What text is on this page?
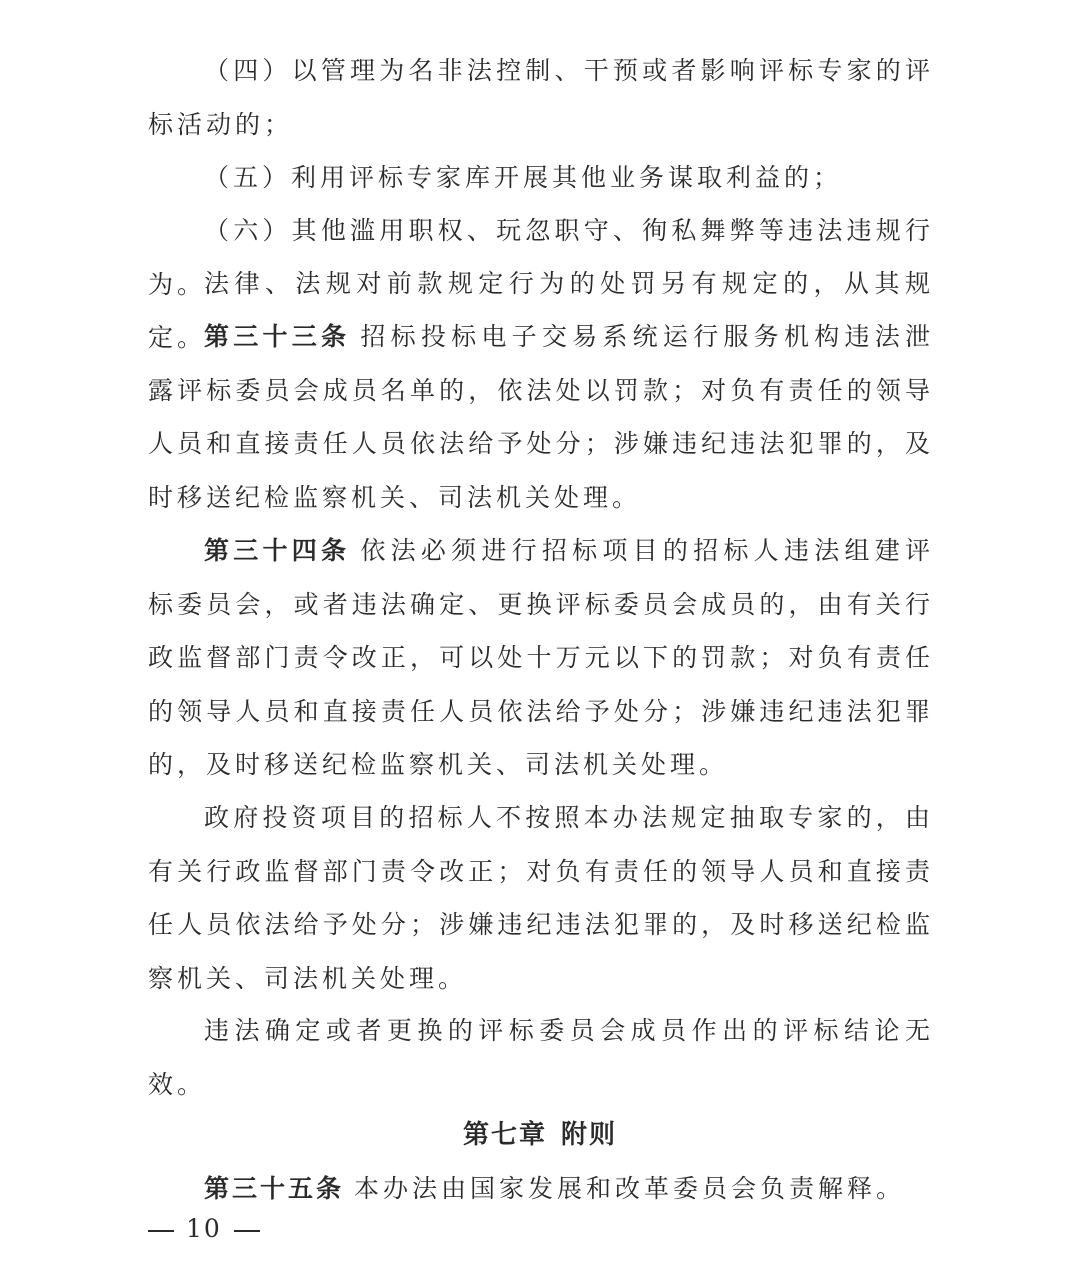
（四）以管理为名非法控制、干预或者影响评标专家的评标活动的；

（五）利用评标专家库开展其他业务谋取利益的；

（六）其他滥用职权、玩忽职守、徇私舞弊等违法违规行为。

法律、法规对前款规定行为的处罚另有规定的，从其规定。

第三十三条 招标投标电子交易系统运行服务机构违法泄露评标委员会成员名单的，依法处以罚款；对负有责任的领导人员和直接责任人员依法给予处分；涉嫌违纪违法犯罪的，及时移送纪检监察机关、司法机关处理。

第三十四条 依法必须进行招标项目的招标人违法组建评标委员会，或者违法确定、更换评标委员会成员的，由有关行政监督部门责令改正，可以处十万元以下的罚款；对负有责任的领导人员和直接责任人员依法给予处分；涉嫌违纪违法犯罪的，及时移送纪检监察机关、司法机关处理。

政府投资项目的招标人不按照本办法规定抽取专家的，由有关行政监督部门责令改正；对负有责任的领导人员和直接责任人员依法给予处分；涉嫌违纪违法犯罪的，及时移送纪检监察机关、司法机关处理。

违法确定或者更换的评标委员会成员作出的评标结论无效。

第七章 附则

第三十五条 本办法由国家发展和改革委员会负责解释。

10
